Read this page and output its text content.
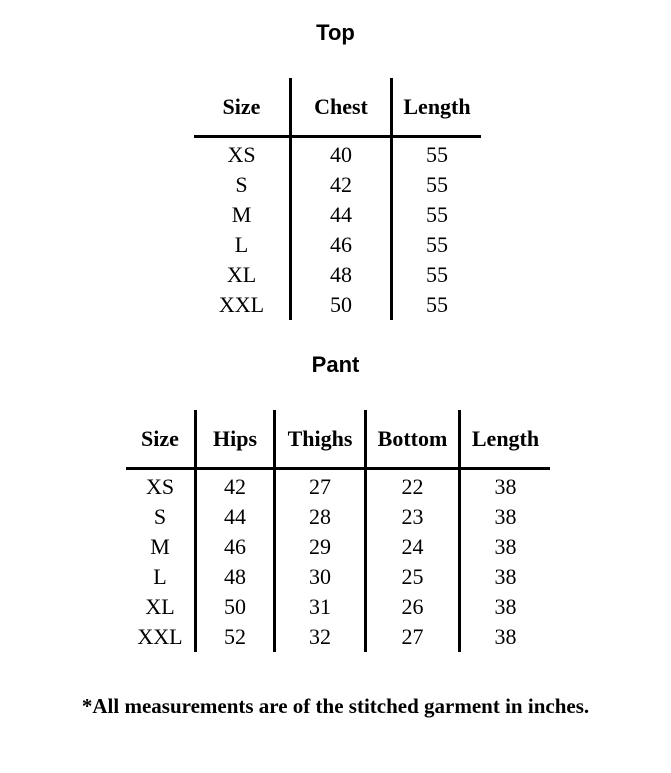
Top
Size	Chest	Length
XS	40	55
S	42	55
M	44	55
L	46	55
XL	48	55
XXL	50	55
Pant
Size	Hips	Thighs	Bottom	Length
XS	42	27	22	38
S	44	28	23	38
M	46	29	24	38
L	48	30	25	38
XL	50	31	26	38
XXL	52	32	27	38
*All measurements are of the stitched garment in inches.
